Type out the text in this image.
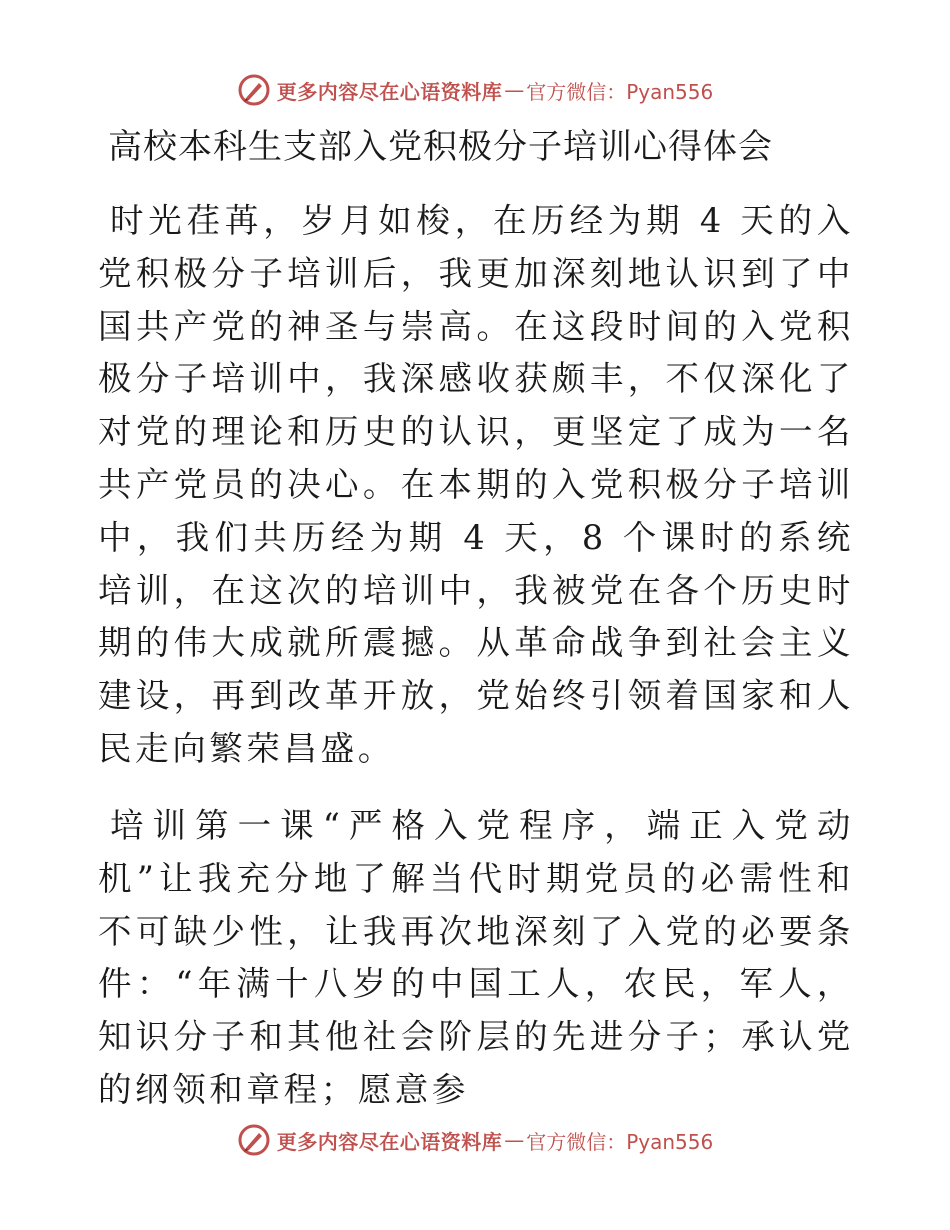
更多内容尽在心语资料库 — 官方微信：Pyan556
高校本科生支部入党积极分子培训心得体会

时光荏苒，岁月如梭，在历经为期 4 天的入党积极分子培训后，我更加深刻地认识到了中国共产党的神圣与崇高。在这段时间的入党积极分子培训中，我深感收获颇丰，不仅深化了对党的理论和历史的认识，更坚定了成为一名共产党员的决心。在本期的入党积极分子培训中，我们共历经为期 4 天，8 个课时的系统培训，在这次的培训中，我被党在各个历史时期的伟大成就所震撼。从革命战争到社会主义建设，再到改革开放，党始终引领着国家和人民走向繁荣昌盛。

培训第一课“严格入党程序，端正入党动机”让我充分地了解当代时期党员的必需性和不可缺少性，让我再次地深刻了入党的必要条件：“年满十八岁的中国工人，农民，军人，知识分子和其他社会阶层的先进分子；承认党的纲领和章程；愿意参

更多内容尽在心语资料库 — 官方微信：Pyan556
